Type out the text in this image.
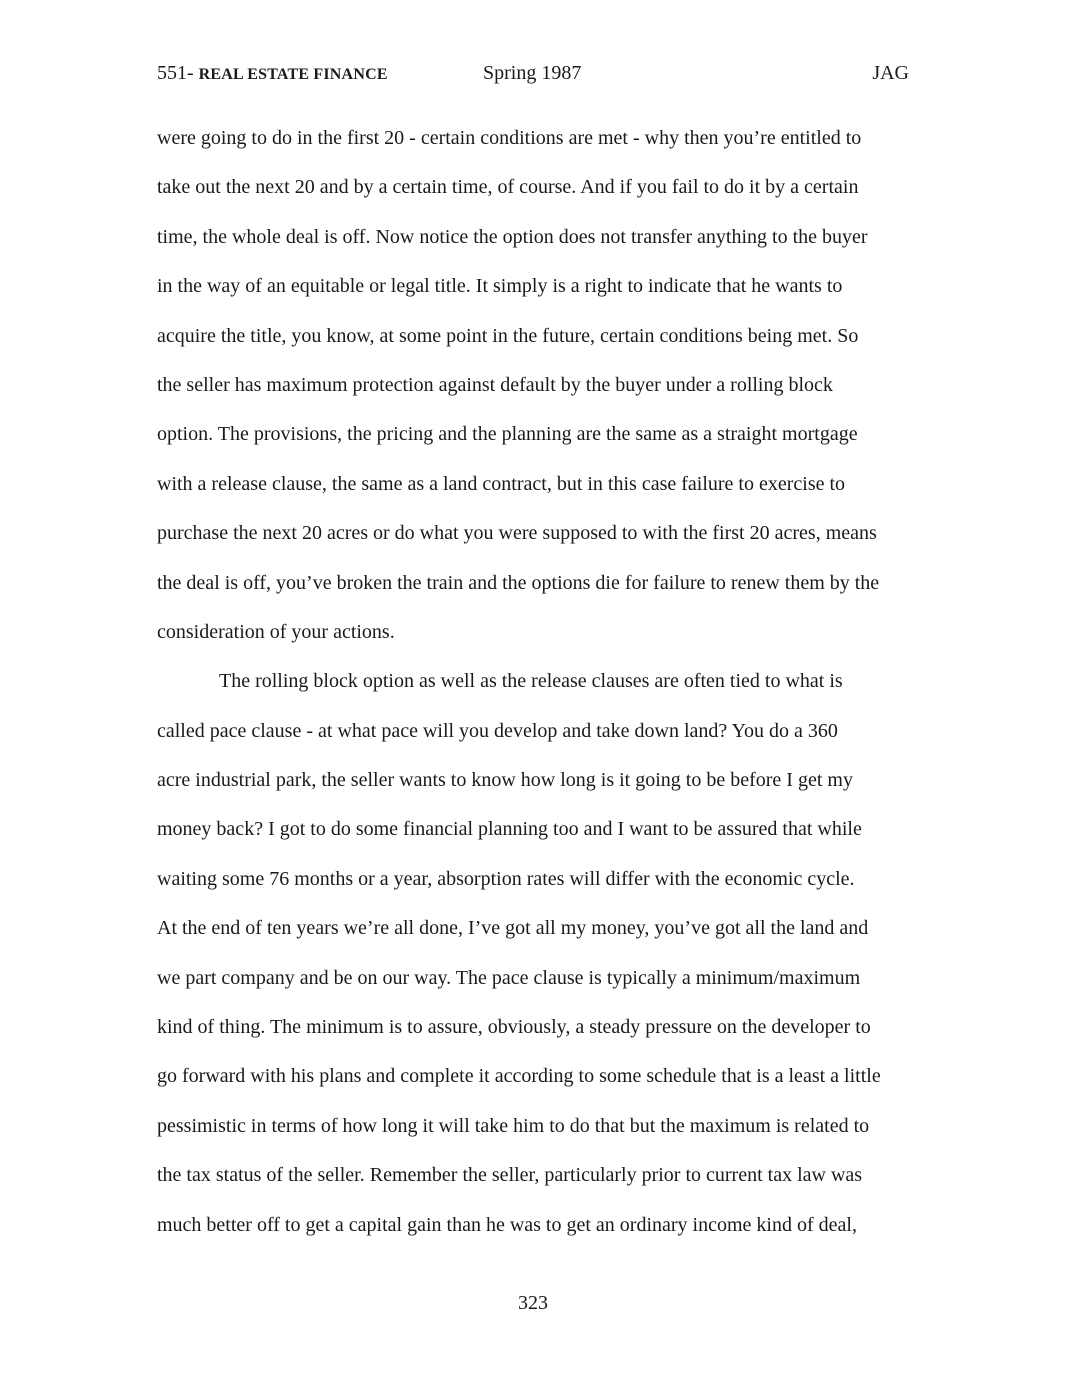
551- REAL ESTATE FINANCE	Spring 1987	JAG
were going to do in the first 20 - certain conditions are met - why then you’re entitled to
take out the next 20 and by a certain time, of course. And if you fail to do it by a certain
time, the whole deal is off. Now notice the option does not transfer anything to the buyer
in the way of an equitable or legal title. It simply is a right to indicate that he wants to
acquire the title, you know, at some point in the future, certain conditions being met. So
the seller has maximum protection against default by the buyer under a rolling block
option. The provisions, the pricing and the planning are the same as a straight mortgage
with a release clause, the same as a land contract, but in this case failure to exercise to
purchase the next 20 acres or do what you were supposed to with the first 20 acres, means
the deal is off, you’ve broken the train and the options die for failure to renew them by the
consideration of your actions.
The rolling block option as well as the release clauses are often tied to what is
called pace clause - at what pace will you develop and take down land? You do a 360
acre industrial park, the seller wants to know how long is it going to be before I get my
money back? I got to do some financial planning too and I want to be assured that while
waiting some 76 months or a year, absorption rates will differ with the economic cycle.
At the end of ten years we’re all done, I’ve got all my money, you’ve got all the land and
we part company and be on our way. The pace clause is typically a minimum/maximum
kind of thing. The minimum is to assure, obviously, a steady pressure on the developer to
go forward with his plans and complete it according to some schedule that is a least a little
pessimistic in terms of how long it will take him to do that but the maximum is related to
the tax status of the seller. Remember the seller, particularly prior to current tax law was
much better off to get a capital gain than he was to get an ordinary income kind of deal,
323
